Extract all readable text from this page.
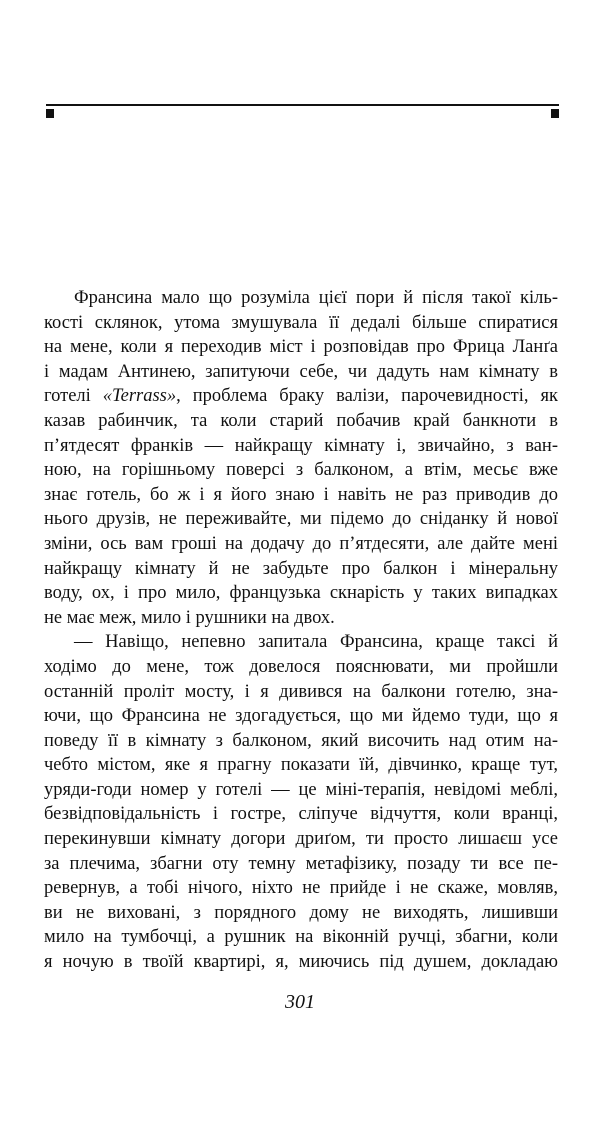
Франсина мало що розуміла цієї пори й після такої кіль-
кості склянок, утома змушувала її дедалі більше спиратися
на мене, коли я переходив міст і розповідав про Фрица Ланґа
і мадам Антинею, запитуючи себе, чи дадуть нам кімнату в
готелі «Terrass», проблема браку валізи, парочевидності, як
казав рабинчик, та коли старий побачив край банкноти в
п’ятдесят франків — найкращу кімнату і, звичайно, з ван-
ною, на горішньому поверсі з балконом, а втім, месьє вже
знає готель, бо ж і я його знаю і навіть не раз приводив до
нього друзів, не переживайте, ми підемо до сніданку й нової
зміни, ось вам гроші на додачу до п’ятдесяти, але дайте мені
найкращу кімнату й не забудьте про балкон і мінеральну
воду, ох, і про мило, французька скнарість у таких випадках
не має меж, мило і рушники на двох.
— Навіщо, непевно запитала Франсина, краще таксі й
ходімо до мене, тож довелося пояснювати, ми пройшли
останній проліт мосту, і я дивився на балкони готелю, зна-
ючи, що Франсина не здогадується, що ми йдемо туди, що я
поведу її в кімнату з балконом, який височить над отим на-
чебто містом, яке я прагну показати їй, дівчинко, краще тут,
уряди-годи номер у готелі — це міні-терапія, невідомі меблі,
безвідповідальність і гостре, сліпуче відчуття, коли вранці,
перекинувши кімнату догори дриґом, ти просто лишаєш усе
за плечима, збагни оту темну метафізику, позаду ти все пе-
ревернув, а тобі нічого, ніхто не прийде і не скаже, мовляв,
ви не виховані, з порядного дому не виходять, лишивши
мило на тумбочці, а рушник на віконній ручці, збагни, коли
я ночую в твоїй квартирі, я, миючись під душем, докладаю
301
